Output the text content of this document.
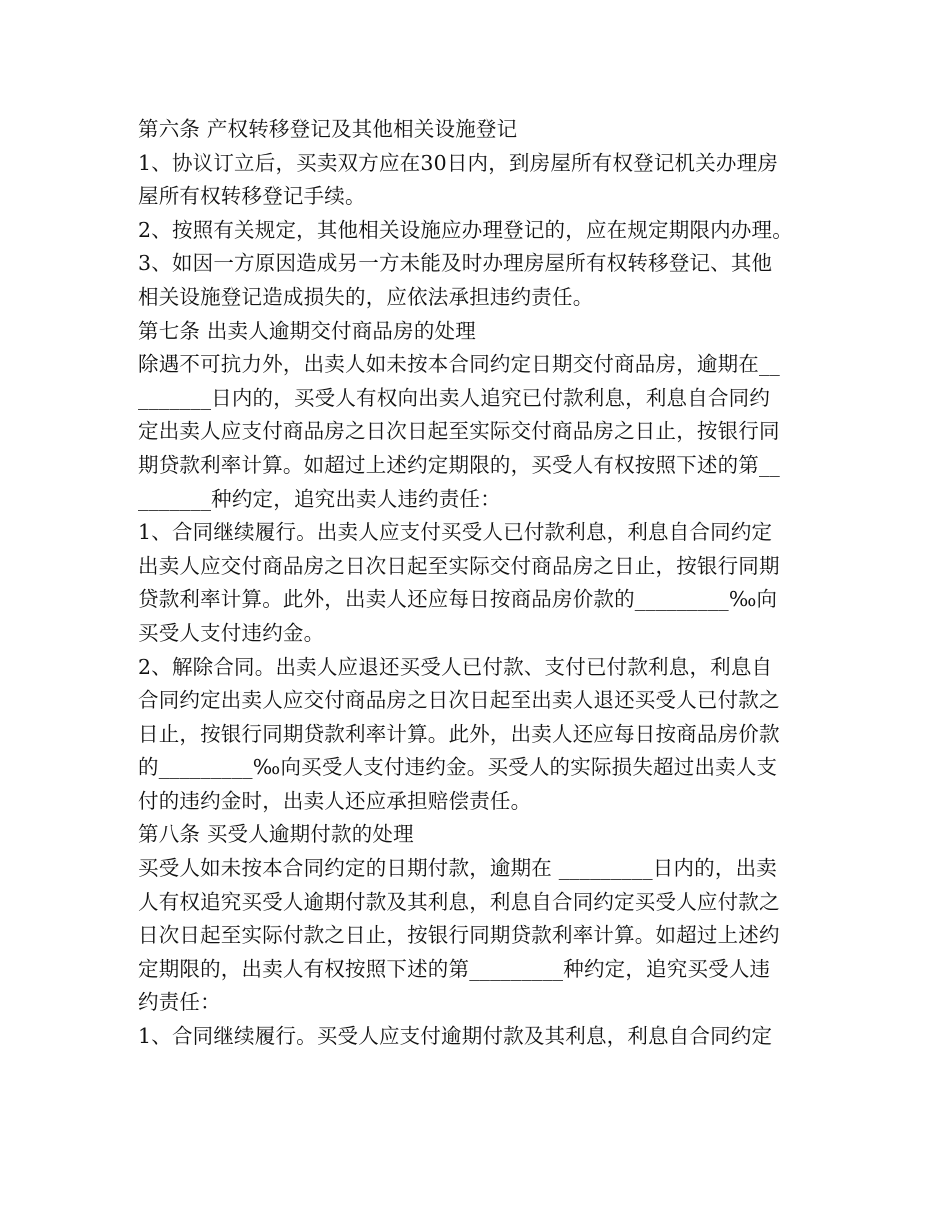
第六条 产权转移登记及其他相关设施登记
1、协议订立后，买卖双方应在30日内，到房屋所有权登记机关办理房
屋所有权转移登记手续。
2、按照有关规定，其他相关设施应办理登记的，应在规定期限内办理。
3、如因一方原因造成另一方未能及时办理房屋所有权转移登记、其他
相关设施登记造成损失的，应依法承担违约责任。
第七条 出卖人逾期交付商品房的处理
除遇不可抗力外，出卖人如未按本合同约定日期交付商品房，逾期在__
_______日内的，买受人有权向出卖人追究已付款利息，利息自合同约
定出卖人应支付商品房之日次日起至实际交付商品房之日止，按银行同
期贷款利率计算。如超过上述约定期限的，买受人有权按照下述的第__
_______种约定，追究出卖人违约责任：
1、合同继续履行。出卖人应支付买受人已付款利息，利息自合同约定
出卖人应交付商品房之日次日起至实际交付商品房之日止，按银行同期
贷款利率计算。此外，出卖人还应每日按商品房价款的_________‰向
买受人支付违约金。
2、解除合同。出卖人应退还买受人已付款、支付已付款利息，利息自
合同约定出卖人应交付商品房之日次日起至出卖人退还买受人已付款之
日止，按银行同期贷款利率计算。此外，出卖人还应每日按商品房价款
的_________‰向买受人支付违约金。买受人的实际损失超过出卖人支
付的违约金时，出卖人还应承担赔偿责任。
第八条 买受人逾期付款的处理
买受人如未按本合同约定的日期付款，逾期在 _________日内的，出卖
人有权追究买受人逾期付款及其利息，利息自合同约定买受人应付款之
日次日起至实际付款之日止，按银行同期贷款利率计算。如超过上述约
定期限的，出卖人有权按照下述的第_________种约定，追究买受人违
约责任：
1、合同继续履行。买受人应支付逾期付款及其利息，利息自合同约定
